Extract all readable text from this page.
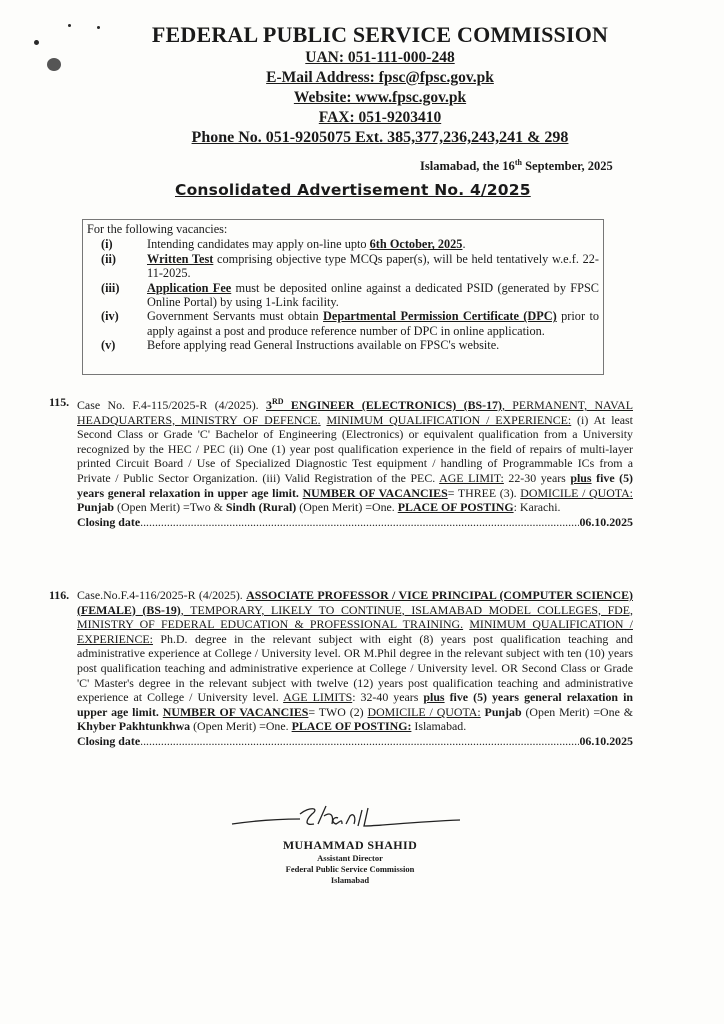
FEDERAL PUBLIC SERVICE COMMISSION

UAN: 051-111-000-248

E-Mail Address: fpsc@fpsc.gov.pk

Website: www.fpsc.gov.pk

FAX: 051-9203410

Phone No. 051-9205075 Ext. 385,377,236,243,241 & 298

Islamabad, the 16th September, 2025
Consolidated Advertisement No. 4/2025

For the following vacancies:

(i)	Intending candidates may apply on-line upto 6th October, 2025.
(ii)	Written Test comprising objective type MCQs paper(s), will be held tentatively w.e.f. 22-11-2025.
(iii)	Application Fee must be deposited online against a dedicated PSID (generated by FPSC Online Portal) by using 1-Link facility.
(iv)	Government Servants must obtain Departmental Permission Certificate (DPC) prior to apply against a post and produce reference number of DPC in online application.
(v)	Before applying read General Instructions available on FPSC's website.
115. Case No. F.4-115/2025-R (4/2025). 3RD ENGINEER (ELECTRONICS) (BS-17), PERMANENT, NAVAL HEADQUARTERS, MINISTRY OF DEFENCE. MINIMUM QUALIFICATION / EXPERIENCE: (i) At least Second Class or Grade 'C' Bachelor of Engineering (Electronics) or equivalent qualification from a University recognized by the HEC / PEC (ii) One (1) year post qualification experience in the field of repairs of multi-layer printed Circuit Board / Use of Specialized Diagnostic Test equipment / handling of Programmable ICs from a Private / Public Sector Organization. (iii) Valid Registration of the PEC. AGE LIMIT: 22-30 years plus five (5) years general relaxation in upper age limit. NUMBER OF VACANCIES= THREE (3). DOMICILE / QUOTA: Punjab (Open Merit) =Two & Sindh (Rural) (Open Merit) =One. PLACE OF POSTING: Karachi.
Closing date .....	06.10.2025
116. Case.No.F.4-116/2025-R (4/2025). ASSOCIATE PROFESSOR / VICE PRINCIPAL (COMPUTER SCIENCE) (FEMALE) (BS-19), TEMPORARY, LIKELY TO CONTINUE, ISLAMABAD MODEL COLLEGES, FDE, MINISTRY OF FEDERAL EDUCATION & PROFESSIONAL TRAINING. MINIMUM QUALIFICATION / EXPERIENCE: Ph.D. degree in the relevant subject with eight (8) years post qualification teaching and administrative experience at College / University level. OR M.Phil degree in the relevant subject with ten (10) years post qualification teaching and administrative experience at College / University level. OR Second Class or Grade 'C' Master's degree in the relevant subject with twelve (12) years post qualification teaching and administrative experience at College / University level. AGE LIMITS: 32-40 years plus five (5) years general relaxation in upper age limit. NUMBER OF VACANCIES= TWO (2) DOMICILE / QUOTA: Punjab (Open Merit) =One & Khyber Pakhtunkhwa (Open Merit) =One. PLACE OF POSTING: Islamabad.
Closing date .....	06.10.2025
MUHAMMAD SHAHID
Assistant Director
Federal Public Service Commission
Islamabad
